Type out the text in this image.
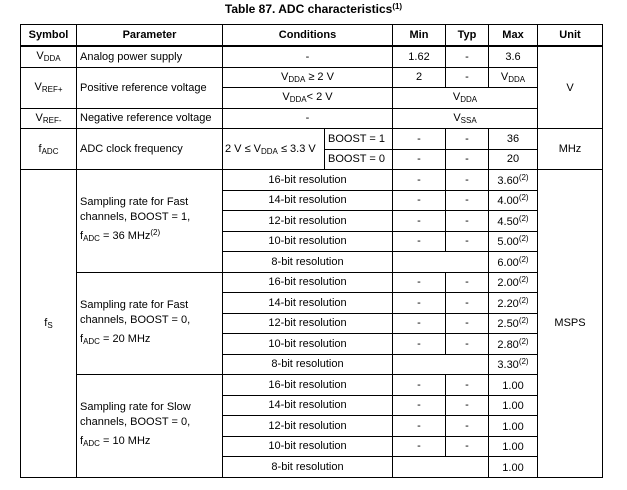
Table 87. ADC characteristics$^{(1)}$
Symbol	Parameter	Conditions		Min	Typ	Max	Unit
$V_{DDA}$	Analog power supply	-		1.62	-	3.6	V
$V_{REF+}$	Positive reference voltage	$V_{DDA} \ge 2$ V		2	-	$V_{DDA}$
		$V_{DDA}< 2$ V		$V_{DDA}$
$V_{REF-}$	Negative reference voltage	-		$V_{SSA}$
$f_{ADC}$	ADC clock frequency	2 $V \le V_{DDA} \le 3.3$ V	BOOST = 1	-	-	36	MHz
			BOOST = 0	-	-	20	
$f_S$	Sampling rate for Fast
channels, BOOST = 1,
$f_{ADC} = 36$ MHz$^{(2)}$	16-bit resolution		-	-	3.60$^{(2)}$	MSPS
		14-bit resolution		-	-	4.00$^{(2)}$
		12-bit resolution		-	-	4.50$^{(2)}$
		10-bit resolution		-	-	5.00$^{(2)}$
		8-bit resolution				6.00$^{(2)}$
	Sampling rate for Fast
channels, BOOST = 0,
$f_{ADC} = 20$ MHz	16-bit resolution		-	-	2.00$^{(2)}$
		14-bit resolution		-	-	2.20$^{(2)}$
		12-bit resolution		-	-	2.50$^{(2)}$
		10-bit resolution		-	-	2.80$^{(2)}$
		8-bit resolution				3.30$^{(2)}$
	Sampling rate for Slow
channels, BOOST = 0,
$f_{ADC} = 10$ MHz	16-bit resolution		-	-	1.00	
		14-bit resolution		-	-	1.00	
		12-bit resolution		-	-	1.00	
		10-bit resolution		-	-	1.00	
		8-bit resolution				1.00	
